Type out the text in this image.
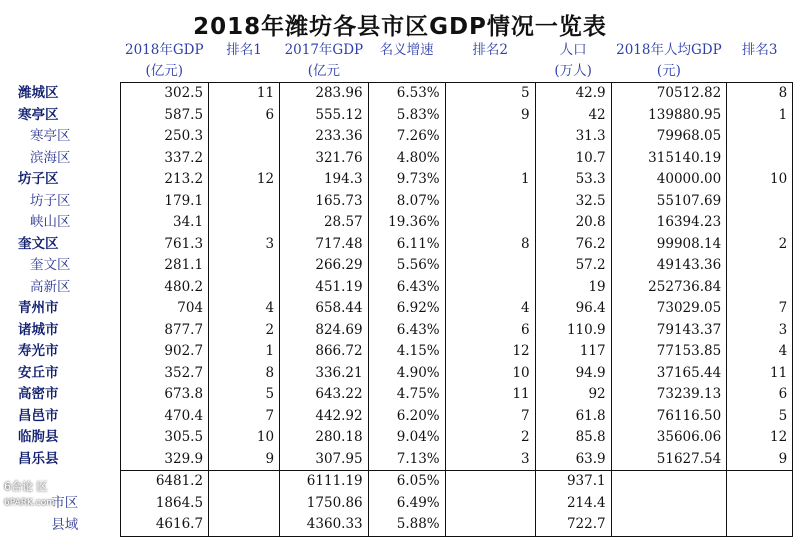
2018年潍坊各县市区GDP情况一览表
	2018年GDP	排名1	2017年GDP	名义增速	排名2	人口	2018年人均GDP	排名3
	(亿元)		(亿元			(万人)	(元)	
潍城区	302.5	11	283.96	6.53%	5	42.9	70512.82	8
寒亭区	587.5	6	555.12	5.83%	9	42	139880.95	1
寒亭区	250.3		233.36	7.26%		31.3	79968.05	
滨海区	337.2		321.76	4.80%		10.7	315140.19	
坊子区	213.2	12	194.3	9.73%	1	53.3	40000.00	10
坊子区	179.1		165.73	8.07%		32.5	55107.69	
峡山区	34.1		28.57	19.36%		20.8	16394.23	
奎文区	761.3	3	717.48	6.11%	8	76.2	99908.14	2
奎文区	281.1		266.29	5.56%		57.2	49143.36	
高新区	480.2		451.19	6.43%		19	252736.84	
青州市	704	4	658.44	6.92%	4	96.4	73029.05	7
诸城市	877.7	2	824.69	6.43%	6	110.9	79143.37	3
寿光市	902.7	1	866.72	4.15%	12	117	77153.85	4
安丘市	352.7	8	336.21	4.90%	10	94.9	37165.44	11
高密市	673.8	5	643.22	4.75%	11	92	73239.13	6
昌邑市	470.4	7	442.92	6.20%	7	61.8	76116.50	5
临朐县	305.5	10	280.18	9.04%	2	85.8	35606.06	12
昌乐县	329.9	9	307.95	7.13%	3	63.9	51627.54	9
	6481.2		6111.19	6.05%		937.1		
市区	1864.5		1750.86	6.49%		214.4		
县域	4616.7		4360.33	5.88%		722.7		
6合论 区
6PARK.com
